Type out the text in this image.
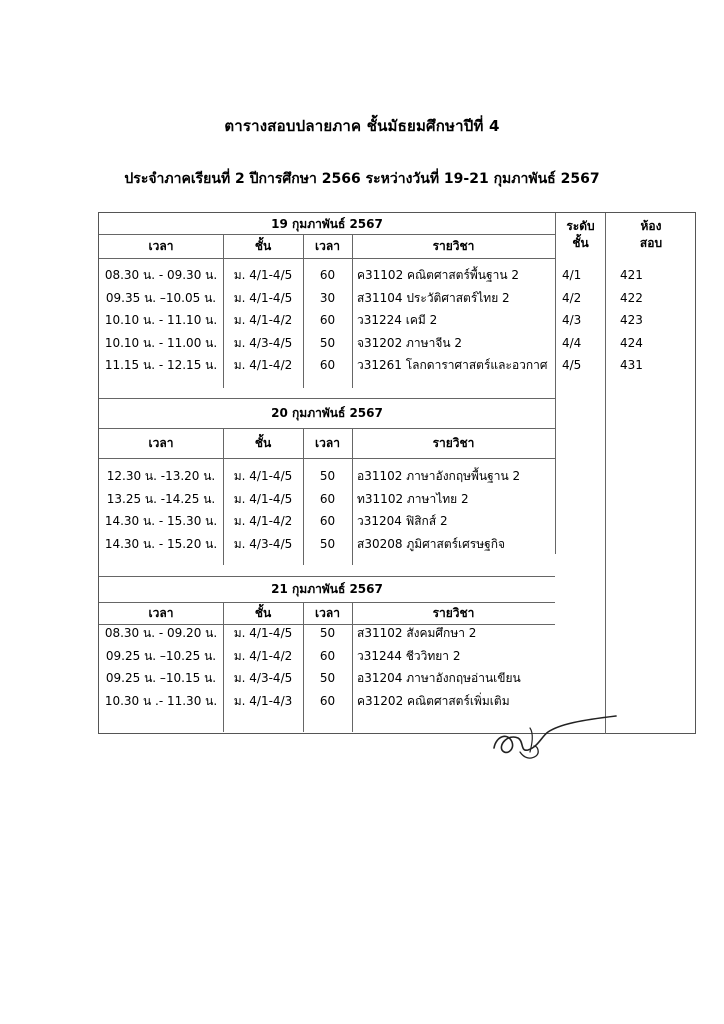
ตารางสอบปลายภาค ชั้นมัธยมศึกษาปีที่ 4
ประจำภาคเรียนที่ 2 ปีการศึกษา 2566 ระหว่างวันที่ 19-21 กุมภาพันธ์ 2567
ระดับ
ชั้น
ห้อง
สอบ
4/1	421
4/2	422
4/3	423
4/4	424
4/5	431
19 กุมภาพันธ์ 2567
เวลา	ชั้น	เวลา	รายวิชา
08.30 น. - 09.30 น.	ม. 4/1-4/5	60	ค31102 คณิตศาสตร์พื้นฐาน 2
09.35 น. –10.05 น.	ม. 4/1-4/5	30	ส31104 ประวัติศาสตร์ไทย 2
10.10 น. - 11.10 น.	ม. 4/1-4/2	60	ว31224 เคมี 2
10.10 น. - 11.00 น.	ม. 4/3-4/5	50	จ31202 ภาษาจีน 2
11.15 น. - 12.15 น.	ม. 4/1-4/2	60	ว31261 โลกดาราศาสตร์และอวกาศ
20 กุมภาพันธ์ 2567
เวลา	ชั้น	เวลา	รายวิชา
12.30 น. -13.20 น.	ม. 4/1-4/5	50	อ31102 ภาษาอังกฤษพื้นฐาน 2
13.25 น. -14.25 น.	ม. 4/1-4/5	60	ท31102 ภาษาไทย 2
14.30 น. - 15.30 น.	ม. 4/1-4/2	60	ว31204 ฟิสิกส์ 2
14.30 น. - 15.20 น.	ม. 4/3-4/5	50	ส30208 ภูมิศาสตร์เศรษฐกิจ
21 กุมภาพันธ์ 2567
เวลา	ชั้น	เวลา	รายวิชา
08.30 น. - 09.20 น.	ม. 4/1-4/5	50	ส31102 สังคมศึกษา 2
09.25 น. –10.25 น.	ม. 4/1-4/2	60	ว31244 ชีววิทยา 2
09.25 น. –10.15 น.	ม. 4/3-4/5	50	อ31204 ภาษาอังกฤษอ่านเขียน
10.30 น .- 11.30 น.	ม. 4/1-4/3	60	ค31202 คณิตศาสตร์เพิ่มเติม
